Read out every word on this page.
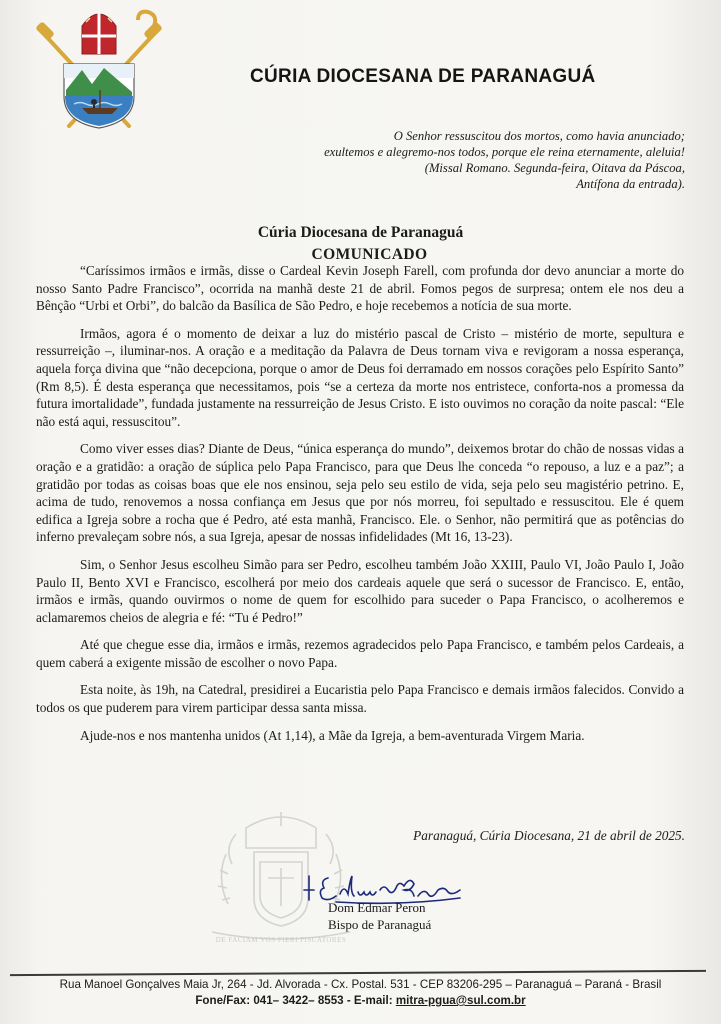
CÚRIA DIOCESANA DE PARANAGUÁ
O Senhor ressuscitou dos mortos, como havia anunciado;
exultemos e alegremo-nos todos, porque ele reina eternamente, aleluia!
(Missal Romano. Segunda-feira, Oitava da Páscoa,
Antífona da entrada).
Cúria Diocesana de Paranaguá
COMUNICADO

“Caríssimos irmãos e irmãs, disse o Cardeal Kevin Joseph Farell, com profunda dor devo anunciar a morte do nosso Santo Padre Francisco”, ocorrida na manhã deste 21 de abril. Fomos pegos de surpresa; ontem ele nos deu a Bênção “Urbi et Orbi”, do balcão da Basílica de São Pedro, e hoje recebemos a notícia de sua morte.

Irmãos, agora é o momento de deixar a luz do mistério pascal de Cristo – mistério de morte, sepultura e ressurreição –, iluminar-nos. A oração e a meditação da Palavra de Deus tornam viva e revigoram a nossa esperança, aquela força divina que “não decepciona, porque o amor de Deus foi derramado em nossos corações pelo Espírito Santo” (Rm 8,5). É desta esperança que necessitamos, pois “se a certeza da morte nos entristece, conforta-nos a promessa da futura imortalidade”, fundada justamente na ressurreição de Jesus Cristo. E isto ouvimos no coração da noite pascal: “Ele não está aqui, ressuscitou”.

Como viver esses dias? Diante de Deus, “única esperança do mundo”, deixemos brotar do chão de nossas vidas a oração e a gratidão: a oração de súplica pelo Papa Francisco, para que Deus lhe conceda “o repouso, a luz e a paz”; a gratidão por todas as coisas boas que ele nos ensinou, seja pelo seu estilo de vida, seja pelo seu magistério petrino. E, acima de tudo, renovemos a nossa confiança em Jesus que por nós morreu, foi sepultado e ressuscitou. Ele é quem edifica a Igreja sobre a rocha que é Pedro, até esta manhã, Francisco. Ele. o Senhor, não permitirá que as potências do inferno prevaleçam sobre nós, a sua Igreja, apesar de nossas infidelidades (Mt 16, 13-23).

Sim, o Senhor Jesus escolheu Simão para ser Pedro, escolheu também João XXIII, Paulo VI, João Paulo I, João Paulo II, Bento XVI e Francisco, escolherá por meio dos cardeais aquele que será o sucessor de Francisco. E, então, irmãos e irmãs, quando ouvirmos o nome de quem for escolhido para suceder o Papa Francisco, o acolheremos e aclamaremos cheios de alegria e fé: “Tu é Pedro!”

Até que chegue esse dia, irmãos e irmãs, rezemos agradecidos pelo Papa Francisco, e também pelos Cardeais, a quem caberá a exigente missão de escolher o novo Papa.

Esta noite, às 19h, na Catedral, presidirei a Eucaristia pelo Papa Francisco e demais irmãos falecidos. Convido a todos os que puderem para virem participar dessa santa missa.

Ajude-nos e nos mantenha unidos (At 1,14), a Mãe da Igreja, a bem-aventurada Virgem Maria.

Paranaguá, Cúria Diocesana, 21 de abril de 2025.
DE FACIAM VOS FIERI PISCATORES
Dom Edmar Peron
Bispo de Paranaguá
Rua Manoel Gonçalves Maia Jr, 264 - Jd. Alvorada - Cx. Postal. 531 - CEP 83206-295 – Paranaguá – Paraná - Brasil
Fone/Fax: 041– 3422– 8553 - E-mail: mitra-pgua@sul.com.br
